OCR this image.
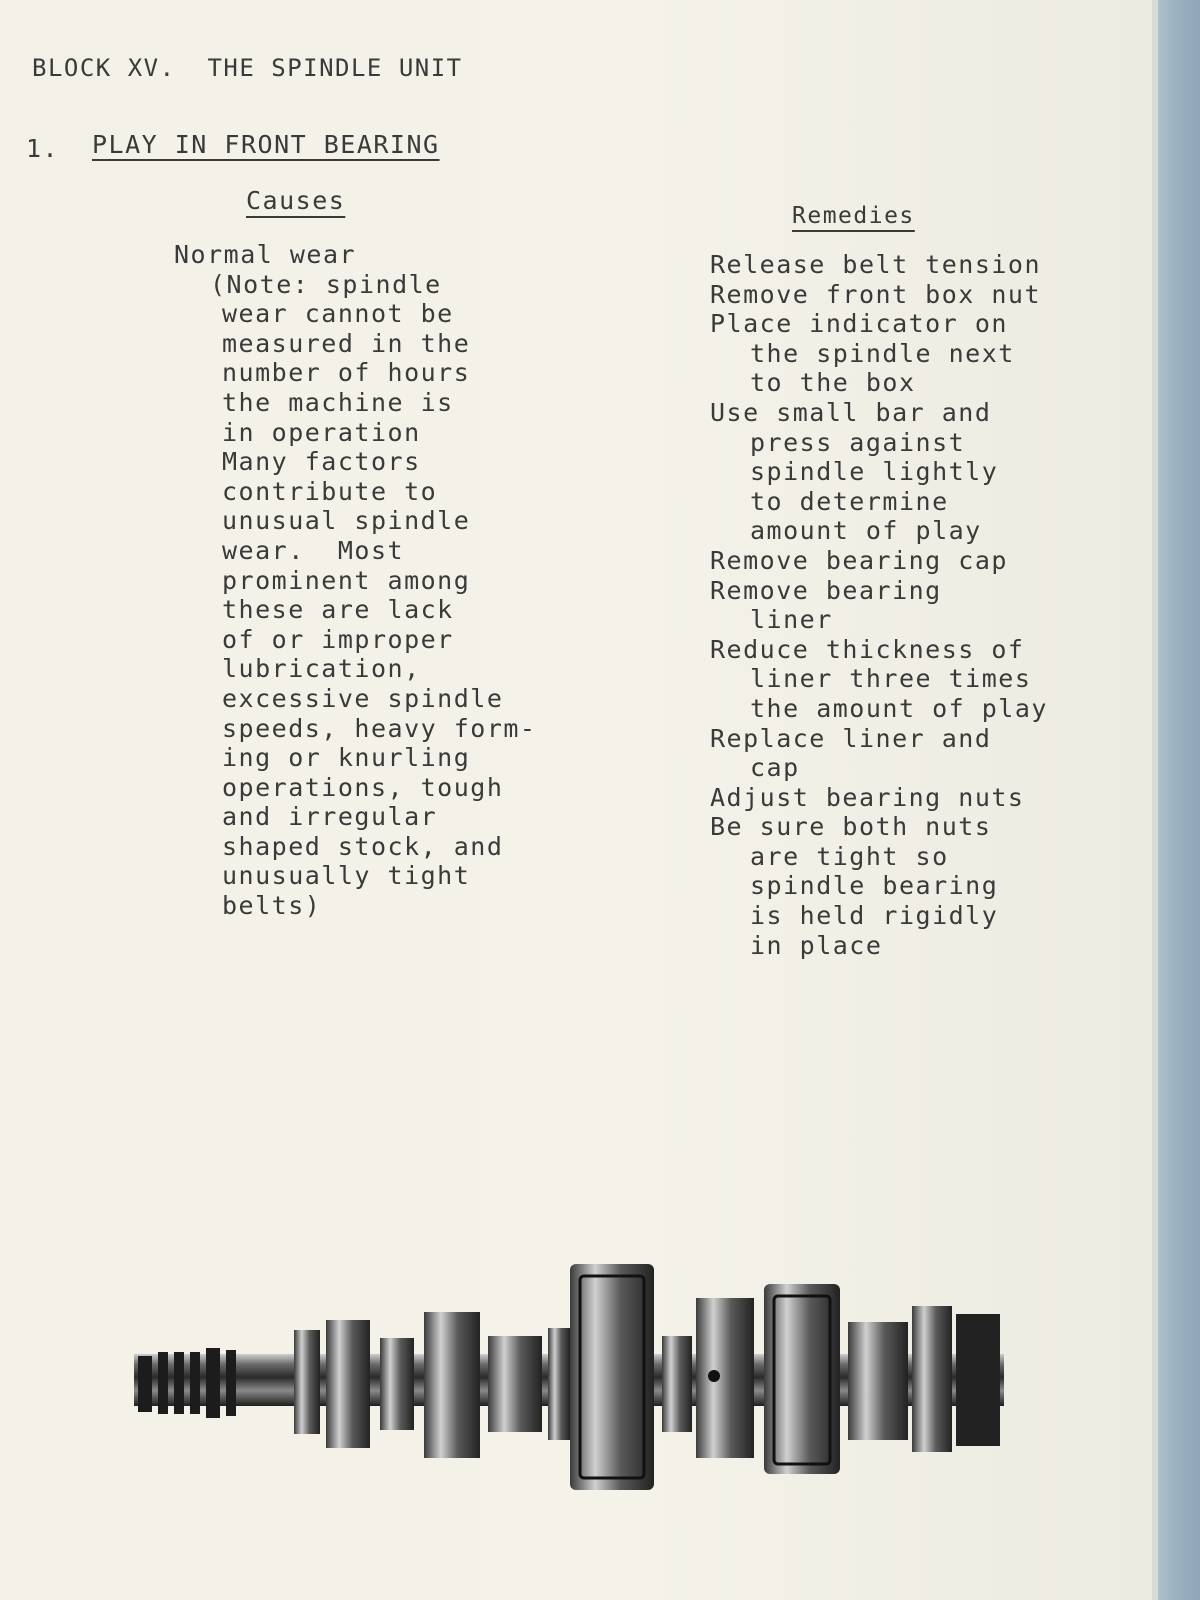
BLOCK XV.  THE SPINDLE UNIT
1. PLAY IN FRONT BEARING
Causes
Remedies
Normal wear
(Note: spindle
wear cannot be
measured in the
number of hours
the machine is
in operation
Many factors
contribute to
unusual spindle
wear.  Most
prominent among
these are lack
of or improper
lubrication,
excessive spindle
speeds, heavy form-
ing or knurling
operations, tough
and irregular
shaped stock, and
unusually tight
belts)
Release belt tension
Remove front box nut
Place indicator on
the spindle next
to the box
Use small bar and
press against
spindle lightly
to determine
amount of play
Remove bearing cap
Remove bearing
liner
Reduce thickness of
liner three times
the amount of play
Replace liner and
cap
Adjust bearing nuts
Be sure both nuts
are tight so
spindle bearing
is held rigidly
in place
